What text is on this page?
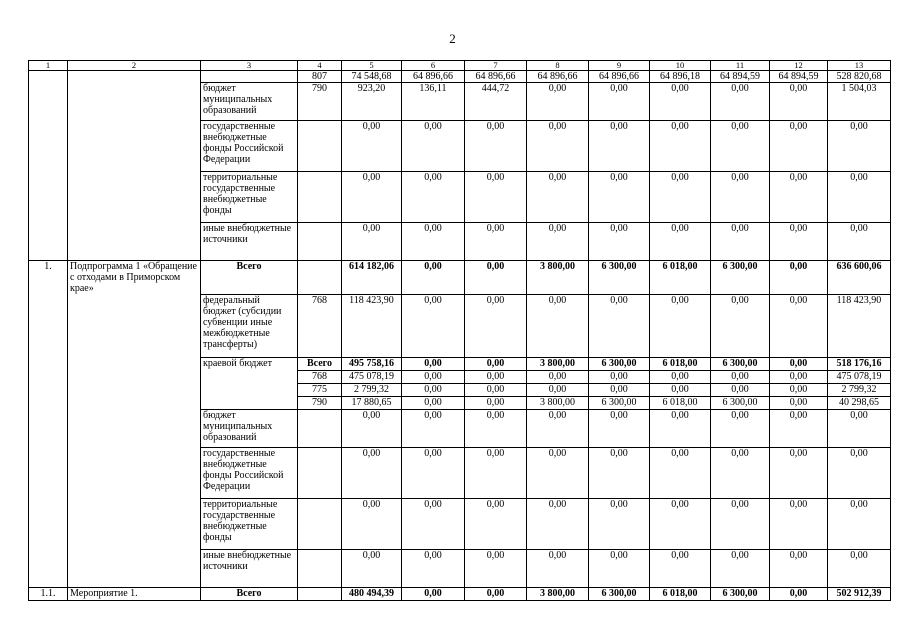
2
1	2	3	4	5	6	7	8	9	10	11	12	13
			807	74 548,68	64 896,66	64 896,66	64 896,66	64 896,66	64 896,18	64 894,59	64 894,59	528 820,68
		бюджет муниципальных образований	790	923,20	136,11	444,72	0,00	0,00	0,00	0,00	0,00	1 504,03
		государственные внебюджетные фонды Российской Федерации		0,00	0,00	0,00	0,00	0,00	0,00	0,00	0,00	0,00
		территориальные государственные внебюджетные фонды		0,00	0,00	0,00	0,00	0,00	0,00	0,00	0,00	0,00
		иные внебюджетные источники		0,00	0,00	0,00	0,00	0,00	0,00	0,00	0,00	0,00
1.	Подпрограмма 1 «Обращение с отходами в Приморском крае»	Всего		614 182,06	0,00	0,00	3 800,00	6 300,00	6 018,00	6 300,00	0,00	636 600,06
		федеральный бюджет (субсидии субвенции иные межбюджетные трансферты)	768	118 423,90	0,00	0,00	0,00	0,00	0,00	0,00	0,00	118 423,90
		краевой бюджет	Всего	495 758,16	0,00	0,00	3 800,00	6 300,00	6 018,00	6 300,00	0,00	518 176,16
			768	475 078,19	0,00	0,00	0,00	0,00	0,00	0,00	0,00	475 078,19
			775	2 799,32	0,00	0,00	0,00	0,00	0,00	0,00	0,00	2 799,32
			790	17 880,65	0,00	0,00	3 800,00	6 300,00	6 018,00	6 300,00	0,00	40 298,65
		бюджет муниципальных образований		0,00	0,00	0,00	0,00	0,00	0,00	0,00	0,00	0,00
		государственные внебюджетные фонды Российской Федерации		0,00	0,00	0,00	0,00	0,00	0,00	0,00	0,00	0,00
		территориальные государственные внебюджетные фонды		0,00	0,00	0,00	0,00	0,00	0,00	0,00	0,00	0,00
		иные внебюджетные источники		0,00	0,00	0,00	0,00	0,00	0,00	0,00	0,00	0,00
1.1.	Мероприятие 1.	Всего		480 494,39	0,00	0,00	3 800,00	6 300,00	6 018,00	6 300,00	0,00	502 912,39
